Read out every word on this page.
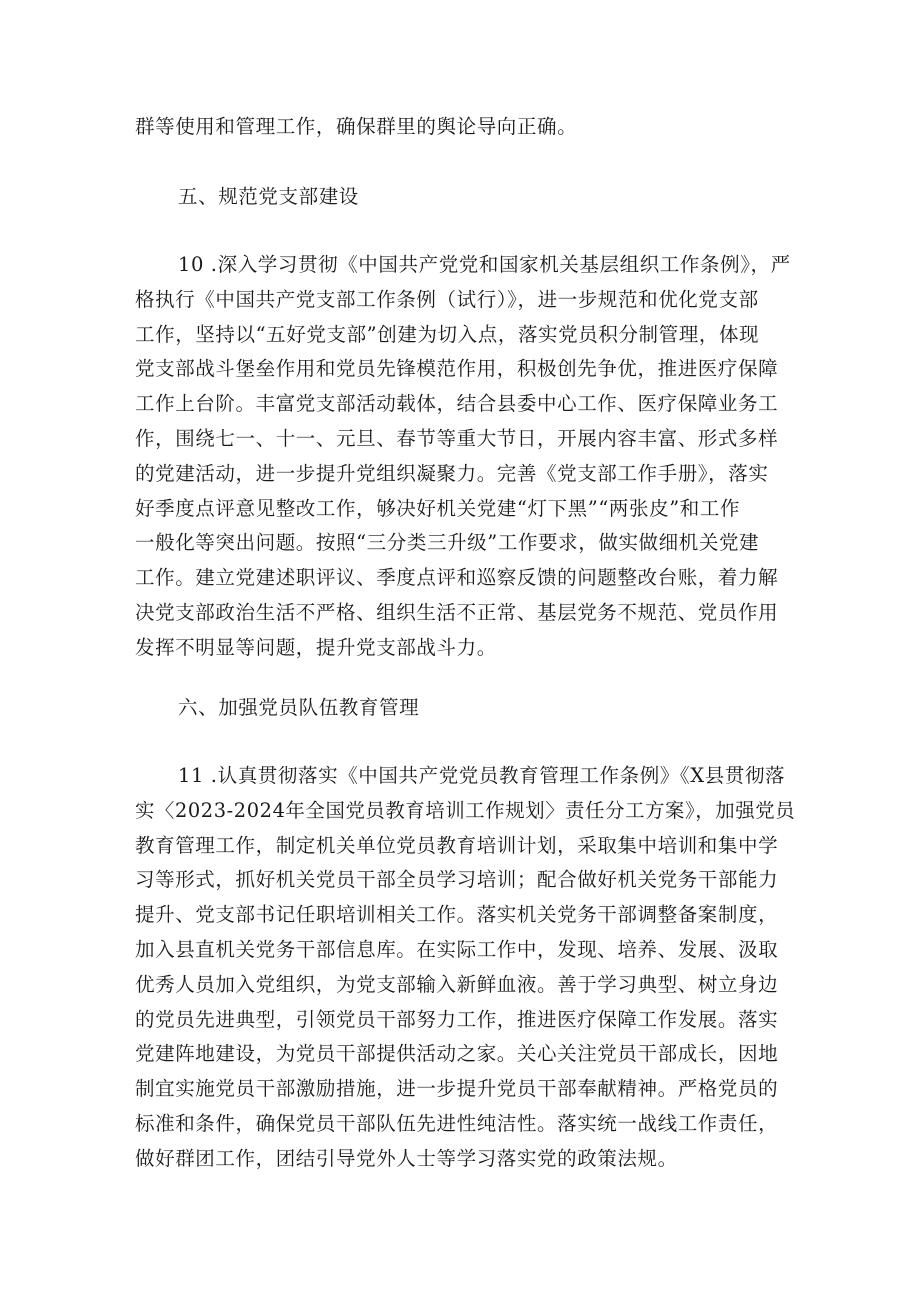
群等使用和管理工作，确保群里的舆论导向正确。
五、规范党支部建设
10 .深入学习贯彻《中国共产党党和国家机关基层组织工作条例》，严
格执行《中国共产党支部工作条例（试行）》，进一步规范和优化党支部
工作，坚持以“五好党支部”创建为切入点，落实党员积分制管理，体现
党支部战斗堡垒作用和党员先锋模范作用，积极创先争优，推进医疗保障
工作上台阶。丰富党支部活动载体，结合县委中心工作、医疗保障业务工
作，围绕七一、十一、元旦、春节等重大节日，开展内容丰富、形式多样
的党建活动，进一步提升党组织凝聚力。完善《党支部工作手册》，落实
好季度点评意见整改工作，够决好机关党建“灯下黑”“两张皮”和工作
一般化等突出问题。按照“三分类三升级”工作要求，做实做细机关党建
工作。建立党建述职评议、季度点评和巡察反馈的问题整改台账，着力解
决党支部政治生活不严格、组织生活不正常、基层党务不规范、党员作用
发挥不明显等问题，提升党支部战斗力。
六、加强党员队伍教育管理
11 .认真贯彻落实《中国共产党党员教育管理工作条例》《X县贯彻落
实〈2023-2024年全国党员教育培训工作规划〉责任分工方案》，加强党员
教育管理工作，制定机关单位党员教育培训计划，采取集中培训和集中学
习等形式，抓好机关党员干部全员学习培训；配合做好机关党务干部能力
提升、党支部书记任职培训相关工作。落实机关党务干部调整备案制度，
加入县直机关党务干部信息库。在实际工作中，发现、培养、发展、汲取
优秀人员加入党组织，为党支部输入新鲜血液。善于学习典型、树立身边
的党员先进典型，引领党员干部努力工作，推进医疗保障工作发展。落实
党建阵地建设，为党员干部提供活动之家。关心关注党员干部成长，因地
制宜实施党员干部激励措施，进一步提升党员干部奉献精神。严格党员的
标准和条件，确保党员干部队伍先进性纯洁性。落实统一战线工作责任，
做好群团工作，团结引导党外人士等学习落实党的政策法规。
